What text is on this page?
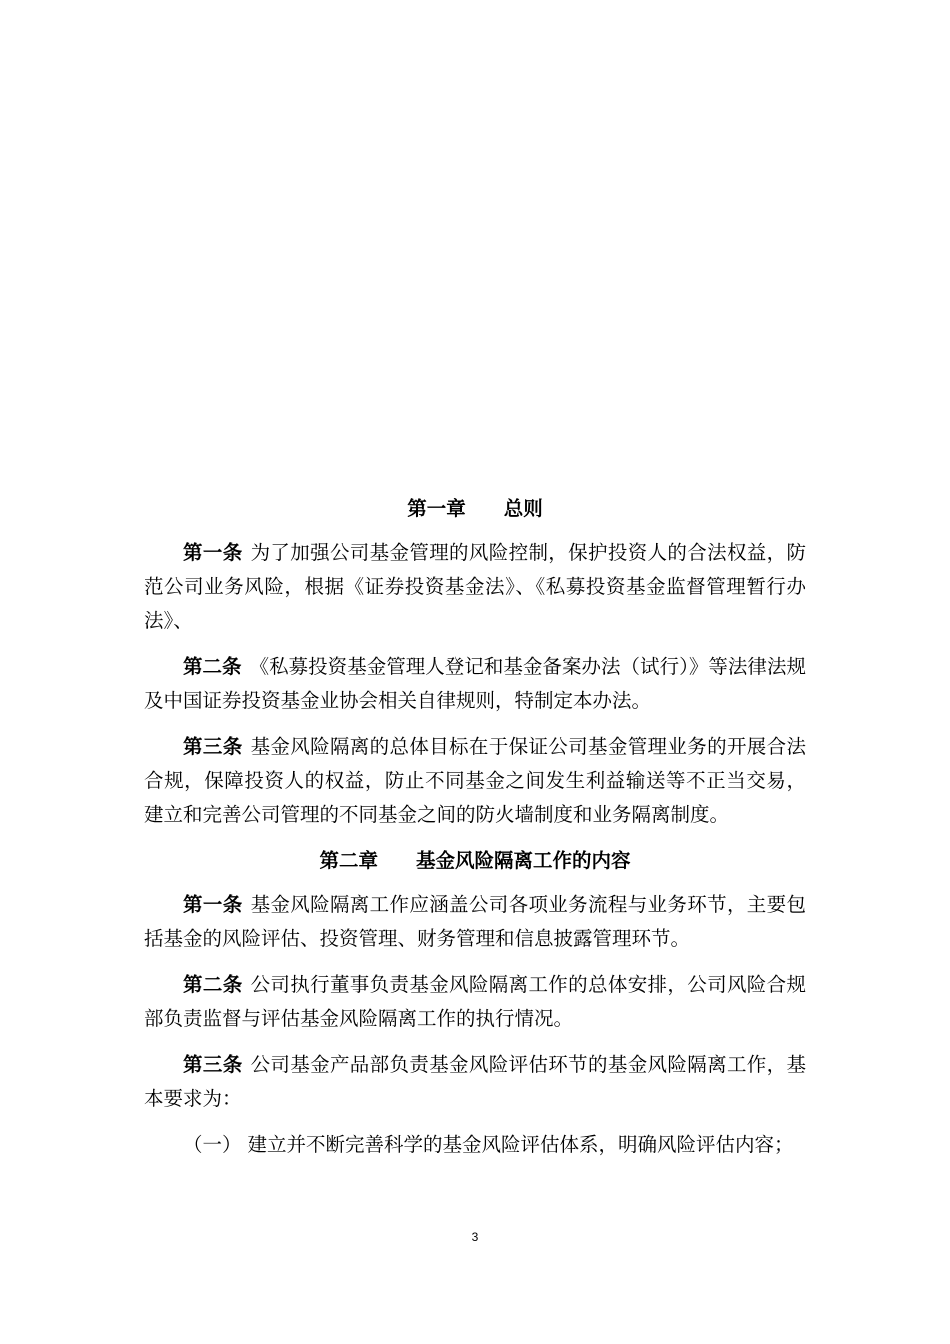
第一章 总则

第一条 为了加强公司基金管理的风险控制，保护投资人的合法权益，防范公司业务风险，根据《证券投资基金法》、《私募投资基金监督管理暂行办法》、

第二条 《私募投资基金管理人登记和基金备案办法（试行）》等法律法规及中国证券投资基金业协会相关自律规则，特制定本办法。

第三条 基金风险隔离的总体目标在于保证公司基金管理业务的开展合法合规，保障投资人的权益，防止不同基金之间发生利益输送等不正当交易，建立和完善公司管理的不同基金之间的防火墙制度和业务隔离制度。

第二章 基金风险隔离工作的内容

第一条 基金风险隔离工作应涵盖公司各项业务流程与业务环节，主要包括基金的风险评估、投资管理、财务管理和信息披露管理环节。

第二条 公司执行董事负责基金风险隔离工作的总体安排，公司风险合规部负责监督与评估基金风险隔离工作的执行情况。

第三条 公司基金产品部负责基金风险评估环节的基金风险隔离工作，基本要求为：

（一） 建立并不断完善科学的基金风险评估体系，明确风险评估内容；

3
